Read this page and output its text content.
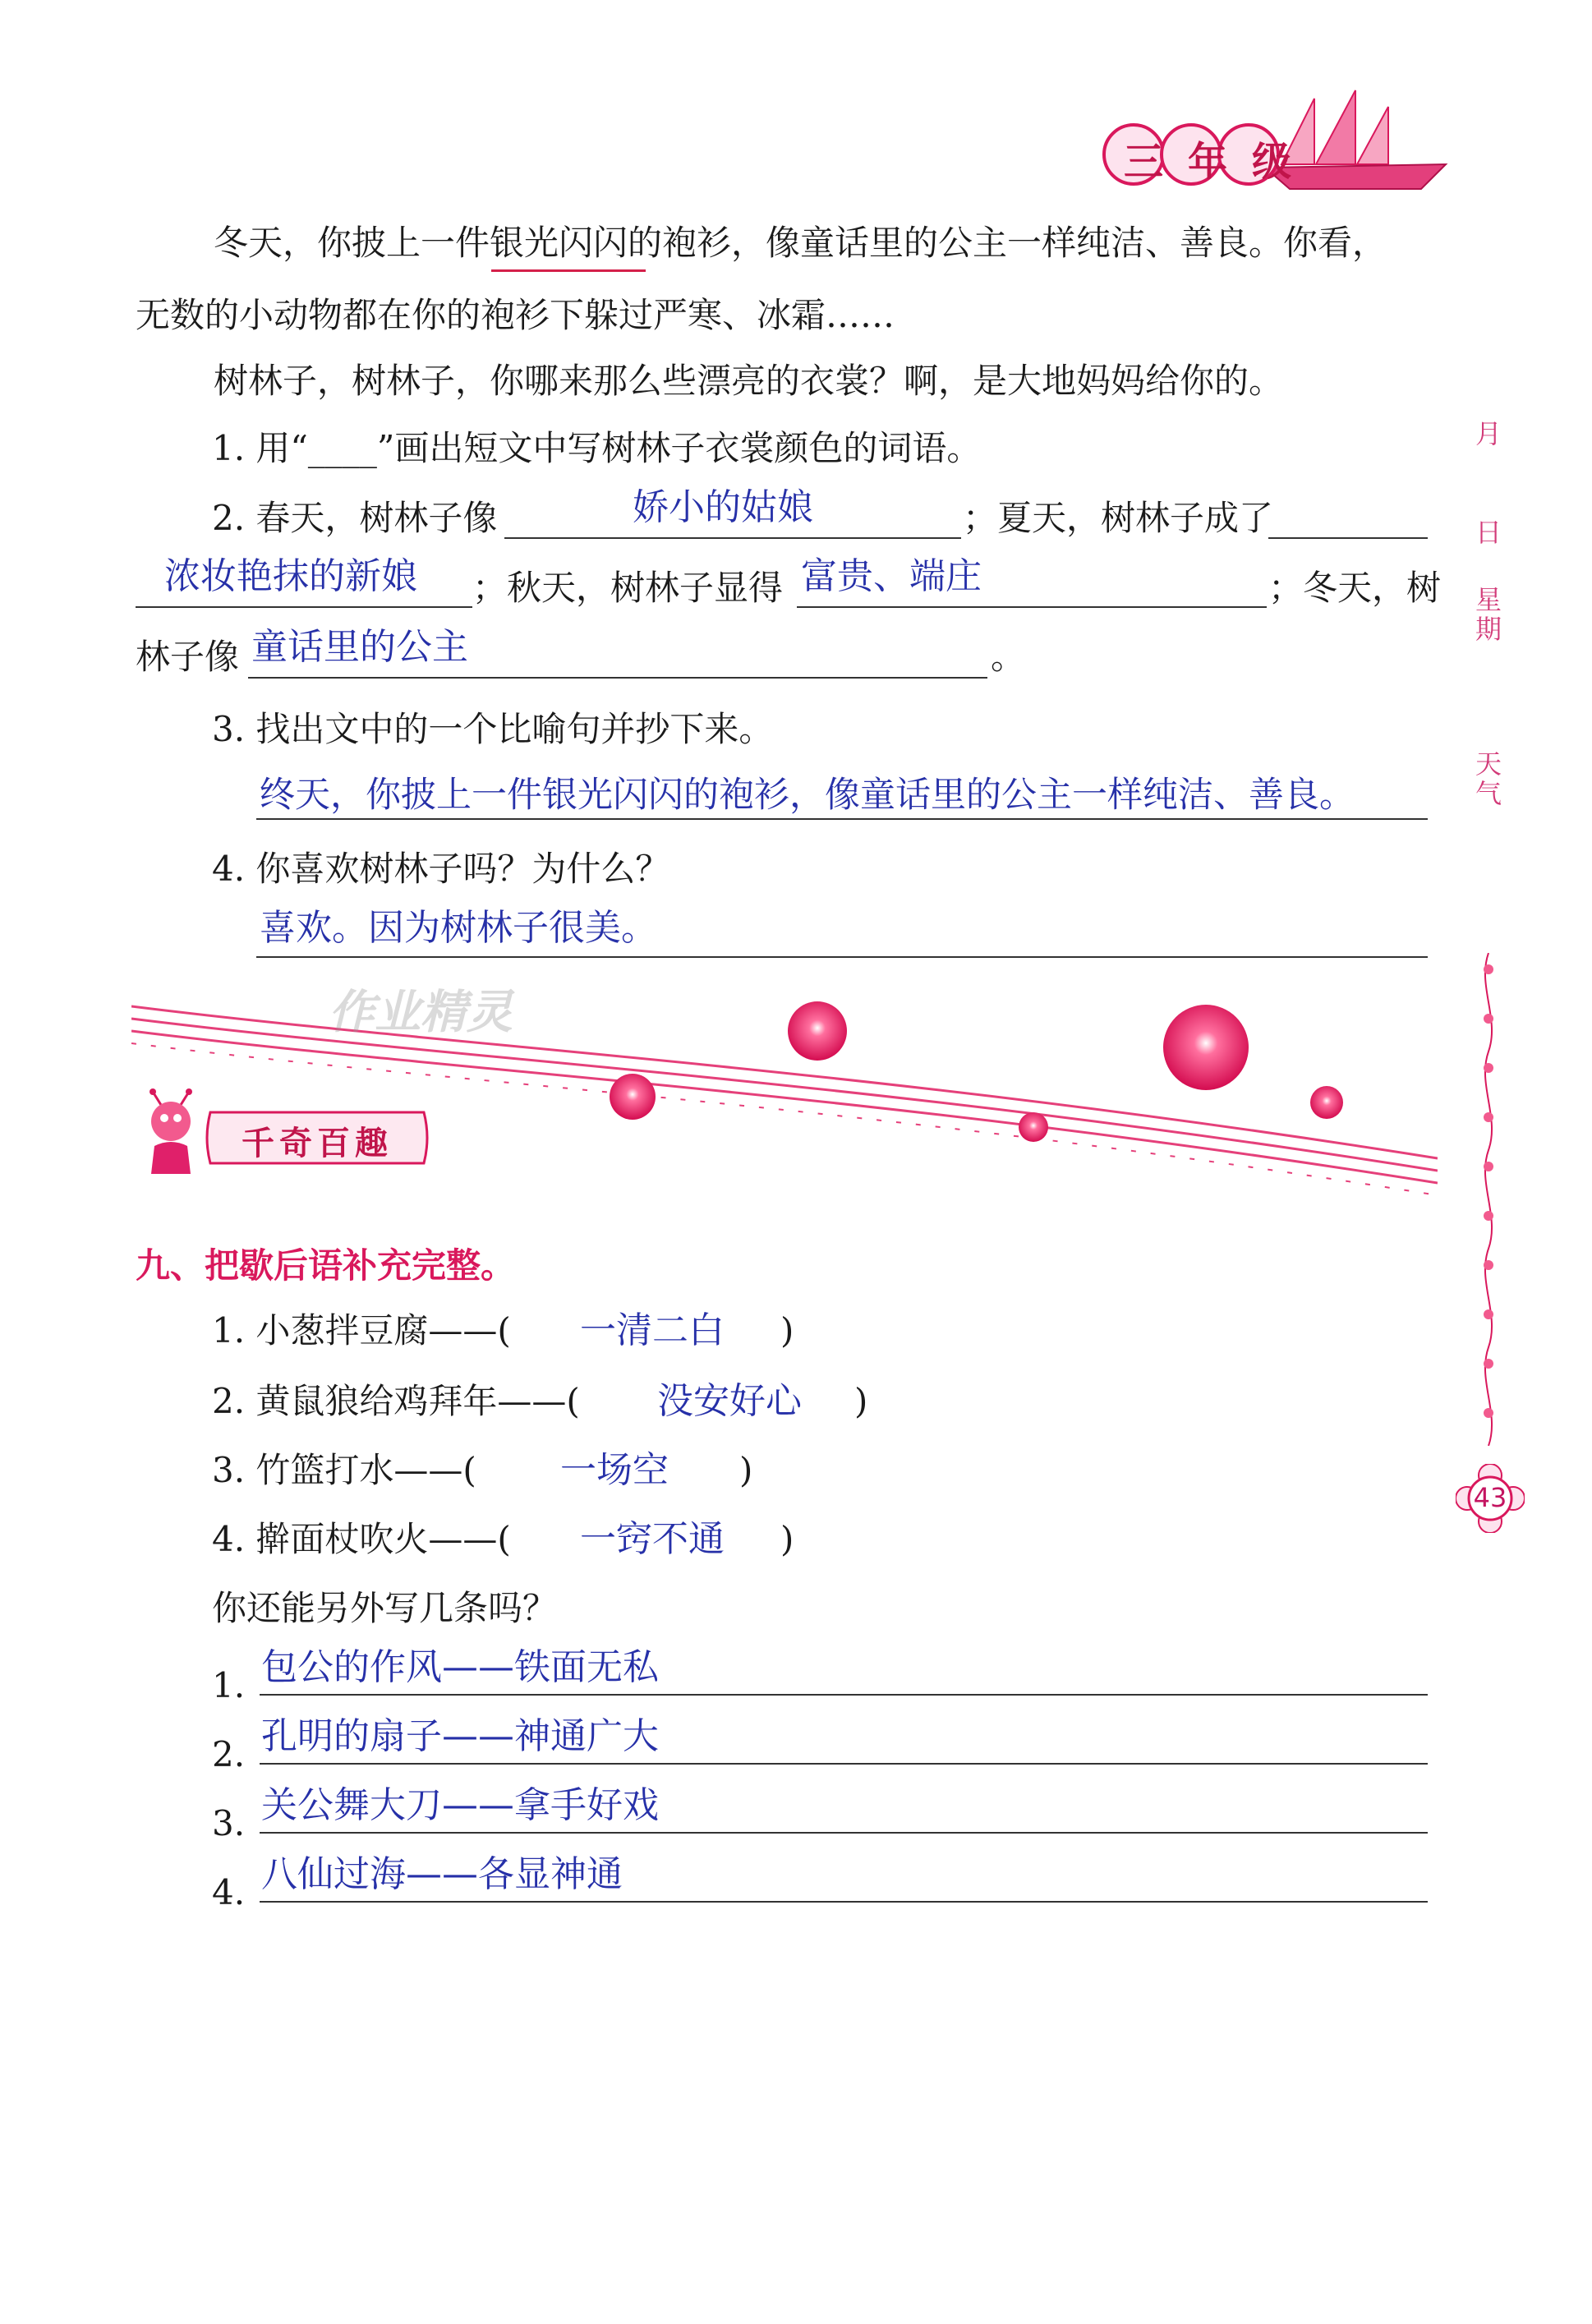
三年级
冬天，你披上一件银光闪闪的袍衫，像童话里的公主一样纯洁、善良。你看，
无数的小动物都在你的袍衫下躲过严寒、冰霜……
树林子，树林子，你哪来那么些漂亮的衣裳？啊，是大地妈妈给你的。
1. 用“____”画出短文中写树林子衣裳颜色的词语。
2. 春天，树林子像	娇小的姑娘	；夏天，树林子成了
浓妆艳抹的新娘 ；秋天，树林子显得 富贵、端庄	；冬天，树
林子像 童话里的公主	。
3. 找出文中的一个比喻句并抄下来。
终天，你披上一件银光闪闪的袍衫，像童话里的公主一样纯洁、善良。
4. 你喜欢树林子吗？为什么？
喜欢。因为树林子很美。
作业精灵
千奇百趣
九、把歇后语补充完整。
1. 小葱拌豆腐——( 一清二白 )
2. 黄鼠狼给鸡拜年——( 没安好心 )
3. 竹篮打水——( 一场空 )
4. 擀面杖吹火——( 一窍不通 )
你还能另外写几条吗？
1. 包公的作风——铁面无私
2. 孔明的扇子——神通广大
3. 关公舞大刀——拿手好戏
4. 八仙过海——各显神通
月
日
星期
天气
43
